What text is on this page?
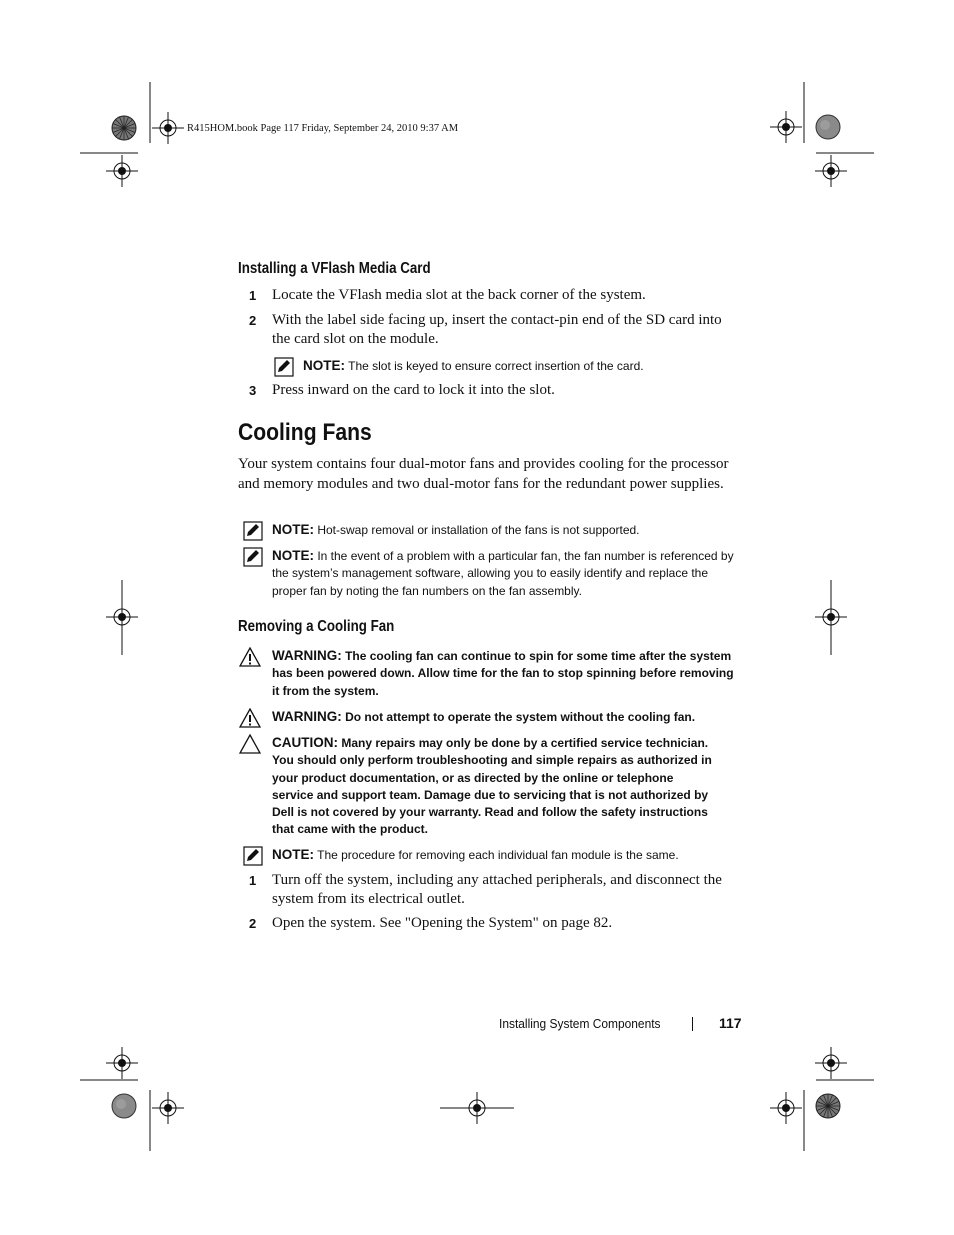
R415HOM.book Page 117 Friday, September 24, 2010 9:37 AM
Installing a VFlash Media Card
1 Locate the VFlash media slot at the back corner of the system.
2 With the label side facing up, insert the contact-pin end of the SD card into the card slot on the module.
NOTE: The slot is keyed to ensure correct insertion of the card.
3 Press inward on the card to lock it into the slot.
Cooling Fans
Your system contains four dual-motor fans and provides cooling for the processor and memory modules and two dual-motor fans for the redundant power supplies.
NOTE: Hot-swap removal or installation of the fans is not supported.
NOTE: In the event of a problem with a particular fan, the fan number is referenced by the system’s management software, allowing you to easily identify and replace the proper fan by noting the fan numbers on the fan assembly.
Removing a Cooling Fan
WARNING: The cooling fan can continue to spin for some time after the system has been powered down. Allow time for the fan to stop spinning before removing it from the system.
WARNING: Do not attempt to operate the system without the cooling fan.
CAUTION: Many repairs may only be done by a certified service technician. You should only perform troubleshooting and simple repairs as authorized in your product documentation, or as directed by the online or telephone service and support team. Damage due to servicing that is not authorized by Dell is not covered by your warranty. Read and follow the safety instructions that came with the product.
NOTE: The procedure for removing each individual fan module is the same.
1 Turn off the system, including any attached peripherals, and disconnect the system from its electrical outlet.
2 Open the system. See "Opening the System" on page 82.
Installing System Components	117
